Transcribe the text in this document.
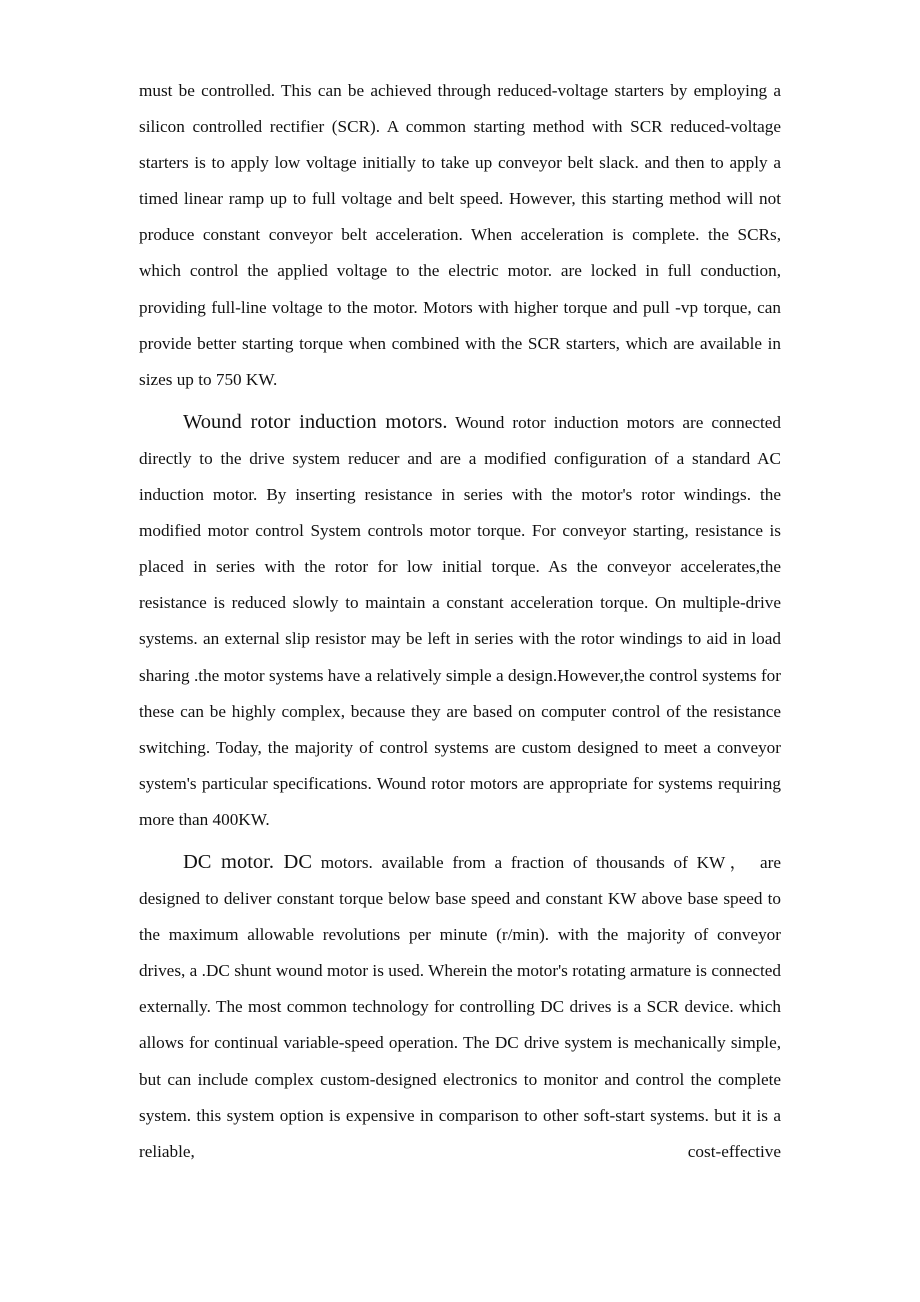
must be controlled. This can be achieved through reduced-voltage starters by employing a silicon controlled rectifier (SCR). A common starting method with SCR reduced-voltage starters is to apply low voltage initially to take up conveyor belt slack. and then to apply a timed linear ramp up to full voltage and belt speed. However, this starting method will not produce constant conveyor belt acceleration. When acceleration is complete. the SCRs, which control the applied voltage to the electric motor. are locked in full conduction, providing full-line voltage to the motor. Motors with higher torque and pull -vp torque, can provide better starting torque when combined with the SCR starters, which are available in sizes up to 750 KW.

Wound rotor induction motors. Wound rotor induction motors are connected directly to the drive system reducer and are a modified configuration of a standard AC induction motor. By inserting resistance in series with the motor's rotor windings. the modified motor control System controls motor torque. For conveyor starting, resistance is placed in series with the rotor for low initial torque. As the conveyor accelerates,the resistance is reduced slowly to maintain a constant acceleration torque. On multiple-drive systems. an external slip resistor may be left in series with the rotor windings to aid in load sharing .the motor systems have a relatively simple a design.However,the control systems for these can be highly complex, because they are based on computer control of the resistance switching. Today, the majority of control systems are custom designed to meet a conveyor system's particular specifications. Wound rotor motors are appropriate for systems requiring more than 400KW.

DC motor. DC motors. available from a fraction of thousands of KW， are designed to deliver constant torque below base speed and constant KW above base speed to the maximum allowable revolutions per minute (r/min). with the majority of conveyor drives, a .DC shunt wound motor is used. Wherein the motor's rotating armature is connected externally. The most common technology for controlling DC drives is a SCR device. which allows for continual variable-speed operation. The DC drive system is mechanically simple, but can include complex custom-designed electronics to monitor and control the complete system. this system option is expensive in comparison to other soft-start systems. but it is a reliable, cost-effective
